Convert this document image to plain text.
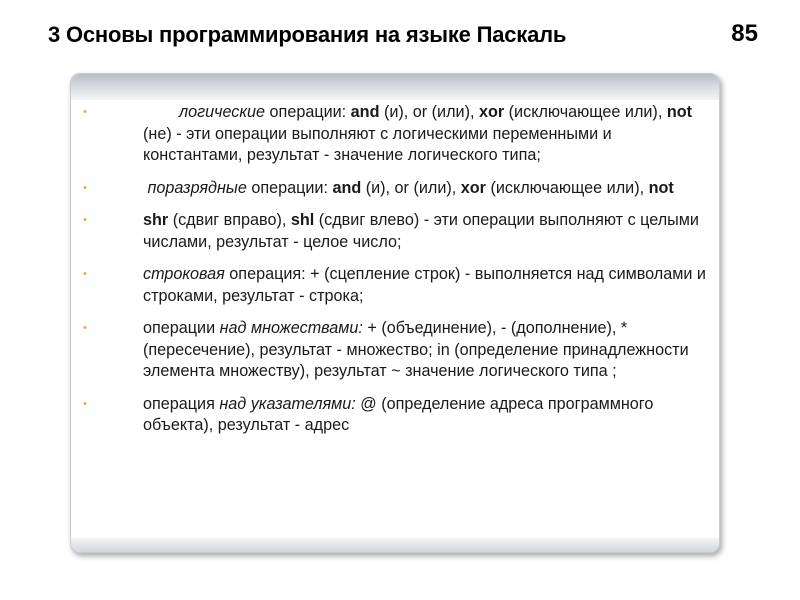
3 Основы программирования на языке Паскаль	85
•	логические операции: and (и), or (или), xor (исключающее или), not (не) - эти операции выполняют с логическими переменными и константами, результат - значение логического типа;
•	поразрядные операции: and (и), or (или), xor (исключающее или), not
•	shr (сдвиг вправо), shl (сдвиг влево) - эти операции выполняют с целыми числами, результат - целое число;
•	строковая операция: + (сцепление строк) - выполняется над символами и строками, результат - строка;
•	операции над множествами: + (объединение), - (дополнение), * (пересечение), результат - множество; in (определение принадлежности элемента множеству), результат ~ значение логического типа ;
•	операция над указателями: @ (определение адреса программного объекта), результат - адрес
